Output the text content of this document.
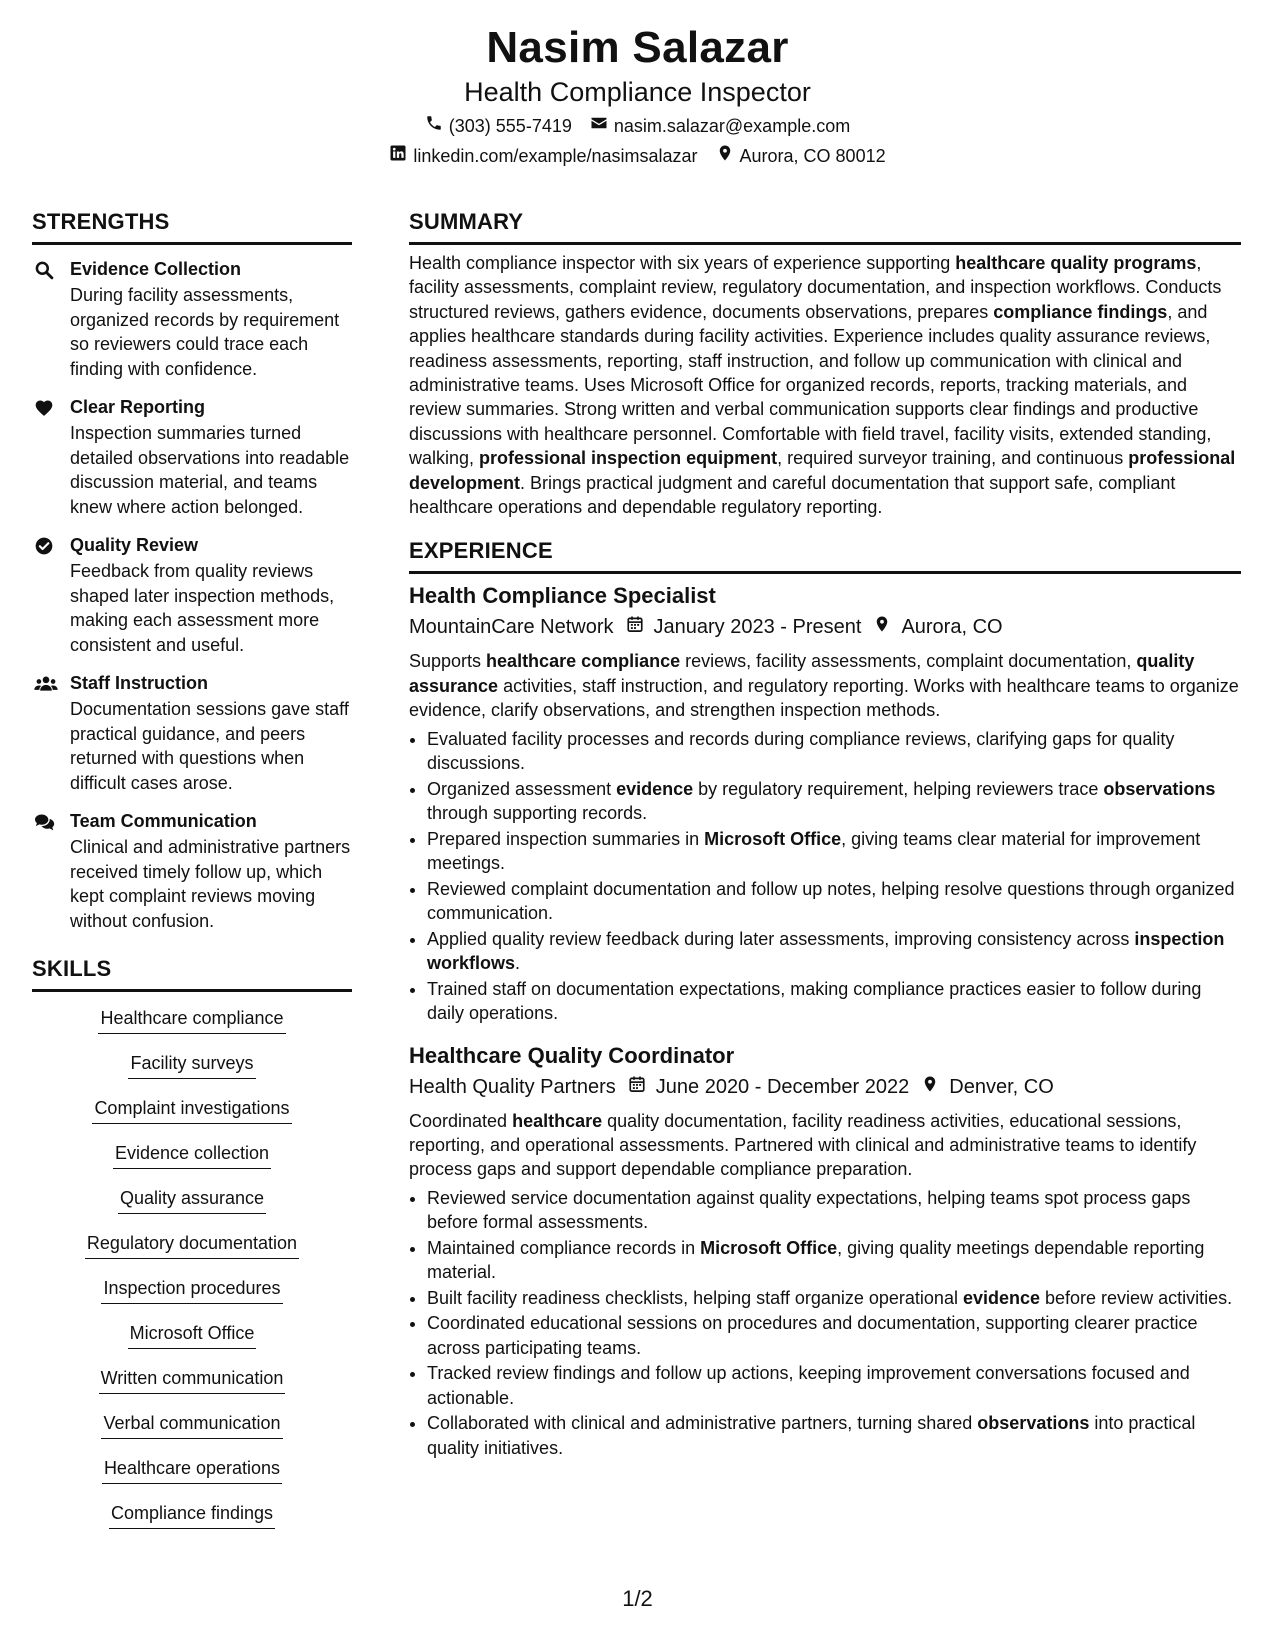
Nasim Salazar
Health Compliance Inspector
(303) 555-7419 nasim.salazar@example.com
linkedin.com/example/nasimsalazar Aurora, CO 80012
STRENGTHS
Evidence Collection
During facility assessments, organized records by requirement so reviewers could trace each finding with confidence.
Clear Reporting
Inspection summaries turned detailed observations into readable discussion material, and teams knew where action belonged.
Quality Review
Feedback from quality reviews shaped later inspection methods, making each assessment more consistent and useful.
Staff Instruction
Documentation sessions gave staff practical guidance, and peers returned with questions when difficult cases arose.
Team Communication
Clinical and administrative partners received timely follow up, which kept complaint reviews moving without confusion.
SKILLS
Healthcare compliance
Facility surveys
Complaint investigations
Evidence collection
Quality assurance
Regulatory documentation
Inspection procedures
Microsoft Office
Written communication
Verbal communication
Healthcare operations
Compliance findings
SUMMARY
Health compliance inspector with six years of experience supporting healthcare quality programs, facility assessments, complaint review, regulatory documentation, and inspection workflows. Conducts structured reviews, gathers evidence, documents observations, prepares compliance findings, and applies healthcare standards during facility activities. Experience includes quality assurance reviews, readiness assessments, reporting, staff instruction, and follow up communication with clinical and administrative teams. Uses Microsoft Office for organized records, reports, tracking materials, and review summaries. Strong written and verbal communication supports clear findings and productive discussions with healthcare personnel. Comfortable with field travel, facility visits, extended standing, walking, professional inspection equipment, required surveyor training, and continuous professional development. Brings practical judgment and careful documentation that support safe, compliant healthcare operations and dependable regulatory reporting.
EXPERIENCE
Health Compliance Specialist
MountainCare Network January 2023 - Present Aurora, CO
Supports healthcare compliance reviews, facility assessments, complaint documentation, quality assurance activities, staff instruction, and regulatory reporting. Works with healthcare teams to organize evidence, clarify observations, and strengthen inspection methods.
• Evaluated facility processes and records during compliance reviews, clarifying gaps for quality discussions.
• Organized assessment evidence by regulatory requirement, helping reviewers trace observations through supporting records.
• Prepared inspection summaries in Microsoft Office, giving teams clear material for improvement meetings.
• Reviewed complaint documentation and follow up notes, helping resolve questions through organized communication.
• Applied quality review feedback during later assessments, improving consistency across inspection workflows.
• Trained staff on documentation expectations, making compliance practices easier to follow during daily operations.
Healthcare Quality Coordinator
Health Quality Partners June 2020 - December 2022 Denver, CO
Coordinated healthcare quality documentation, facility readiness activities, educational sessions, reporting, and operational assessments. Partnered with clinical and administrative teams to identify process gaps and support dependable compliance preparation.
• Reviewed service documentation against quality expectations, helping teams spot process gaps before formal assessments.
• Maintained compliance records in Microsoft Office, giving quality meetings dependable reporting material.
• Built facility readiness checklists, helping staff organize operational evidence before review activities.
• Coordinated educational sessions on procedures and documentation, supporting clearer practice across participating teams.
• Tracked review findings and follow up actions, keeping improvement conversations focused and actionable.
• Collaborated with clinical and administrative partners, turning shared observations into practical quality initiatives.
1/2
